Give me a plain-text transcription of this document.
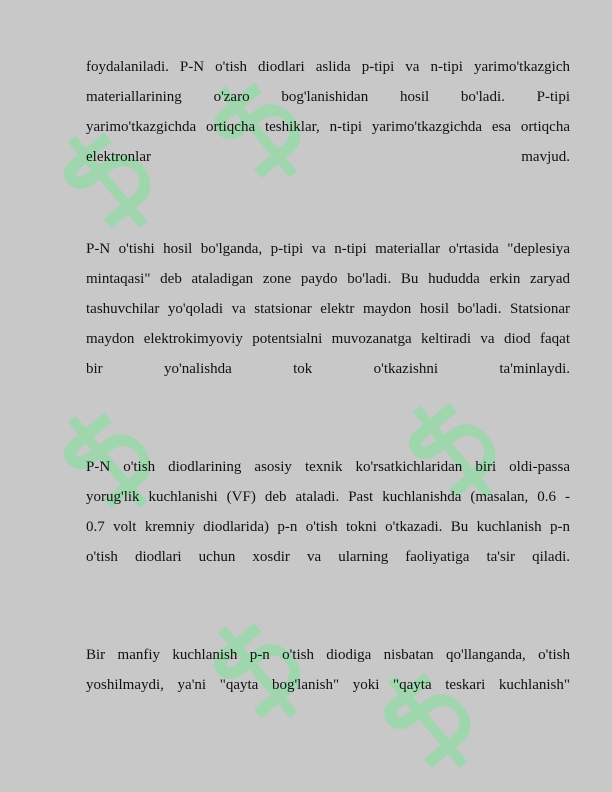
foydalaniladi. P-N o'tish diodlari aslida p-tipi va n-tipi yarimo'tkazgich
materiallarining o'zaro bog'lanishidan hosil bo'ladi. P-tipi
yarimo'tkazgichda ortiqcha teshiklar, n-tipi yarimo'tkazgichda esa ortiqcha
elektronlar mavjud.
P-N o'tishi hosil bo'lganda, p-tipi va n-tipi materiallar o'rtasida "deplesiya
mintaqasi" deb ataladigan zone paydo bo'ladi. Bu hududda erkin zaryad
tashuvchilar yo'qoladi va statsionar elektr maydon hosil bo'ladi. Statsionar
maydon elektrokimyoviy potentsialni muvozanatga keltiradi va diod faqat
bir yo'nalishda tok o'tkazishni ta'minlaydi.
P-N o'tish diodlarining asosiy texnik ko'rsatkichlaridan biri oldi-passa
yorug'lik kuchlanishi (VF) deb ataladi. Past kuchlanishda (masalan, 0.6 -
0.7 volt kremniy diodlarida) p-n o'tish tokni o'tkazadi. Bu kuchlanish p-n
o'tish diodlari uchun xosdir va ularning faoliyatiga ta'sir qiladi.
Bir manfiy kuchlanish p-n o'tish diodiga nisbatan qo'llanganda, o'tish
yoshilmaydi, ya'ni "qayta bog'lanish" yoki "qayta teskari kuchlanish"
